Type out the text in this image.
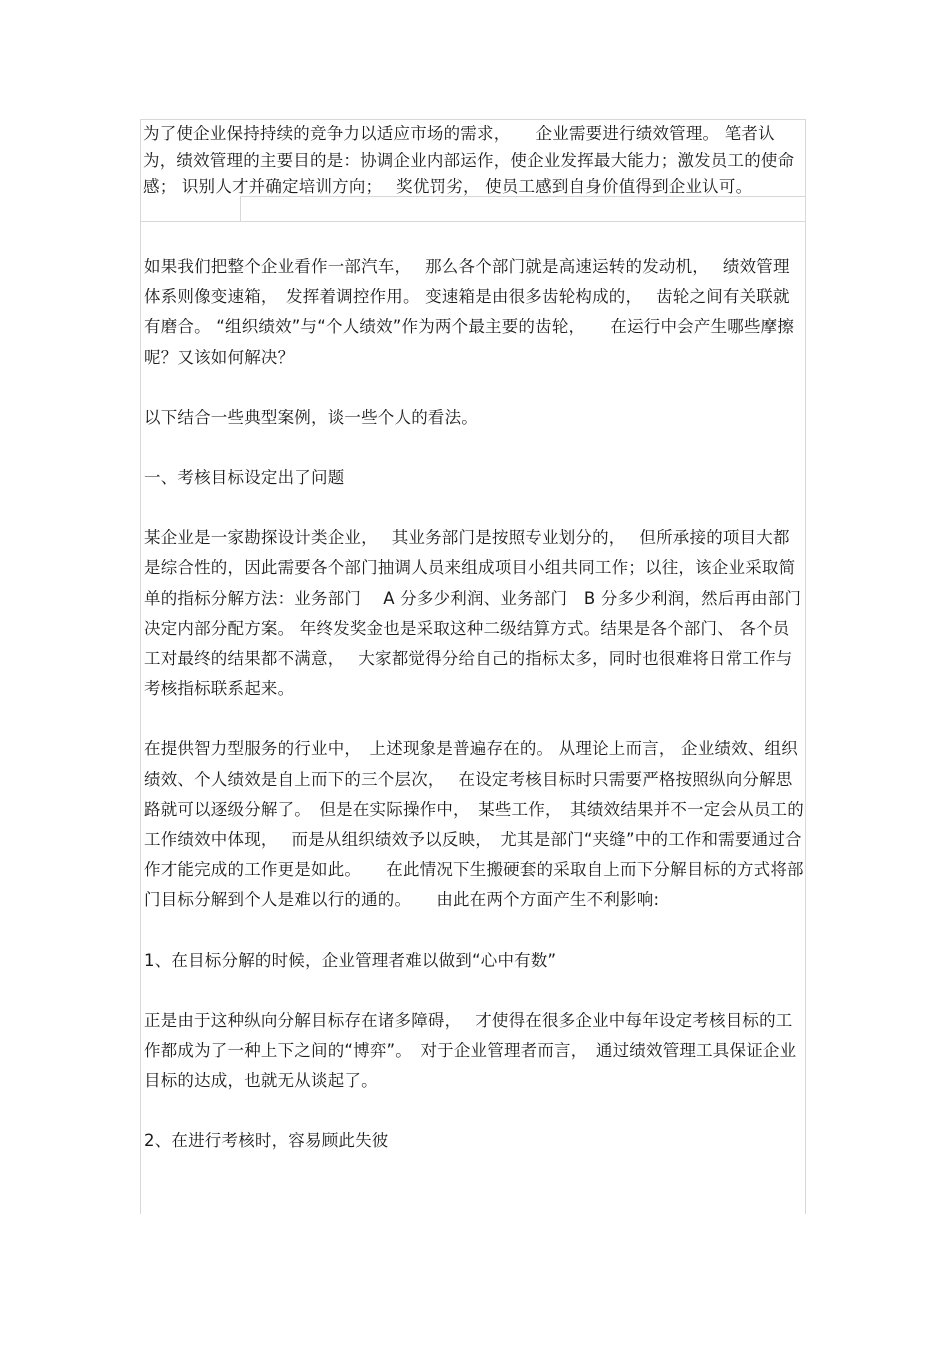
为了使企业保持持续的竞争力以适应市场的需求，　　企业需要进行绩效管理。 笔者认为，绩效管理的主要目的是：协调企业内部运作，使企业发挥最大能力；激发员工的使命感； 识别人才并确定培训方向；　 奖优罚劣， 使员工感到自身价值得到企业认可。

如果我们把整个企业看作一部汽车，　 那么各个部门就是高速运转的发动机，　 绩效管理体系则像变速箱，　发挥着调控作用。 变速箱是由很多齿轮构成的，　 齿轮之间有关联就有磨合。 “组织绩效”与“个人绩效”作为两个最主要的齿轮，　　在运行中会产生哪些摩擦呢？又该如何解决？

以下结合一些典型案例，谈一些个人的看法。

一、考核目标设定出了问题

某企业是一家勘探设计类企业，　 其业务部门是按照专业划分的，　 但所承接的项目大都是综合性的，因此需要各个部门抽调人员来组成项目小组共同工作；以往，该企业采取简单的指标分解方法：业务部门　 A 分多少利润、业务部门　B 分多少利润，然后再由部门决定内部分配方案。 年终发奖金也是采取这种二级结算方式。结果是各个部门、 各个员工对最终的结果都不满意，　 大家都觉得分给自己的指标太多，同时也很难将日常工作与考核指标联系起来。

在提供智力型服务的行业中，　上述现象是普遍存在的。 从理论上而言， 企业绩效、组织绩效、个人绩效是自上而下的三个层次，　 在设定考核目标时只需要严格按照纵向分解思路就可以逐级分解了。　但是在实际操作中，　某些工作，　其绩效结果并不一定会从员工的工作绩效中体现，　 而是从组织绩效予以反映，　尤其是部门“夹缝”中的工作和需要通过合作才能完成的工作更是如此。　　在此情况下生搬硬套的采取自上而下分解目标的方式将部门目标分解到个人是难以行的通的。　　由此在两个方面产生不利影响:

1、在目标分解的时候，企业管理者难以做到“心中有数”

正是由于这种纵向分解目标存在诸多障碍，　 才使得在很多企业中每年设定考核目标的工作都成为了一种上下之间的“博弈”。　对于企业管理者而言，　通过绩效管理工具保证企业目标的达成，也就无从谈起了。

2、在进行考核时，容易顾此失彼
